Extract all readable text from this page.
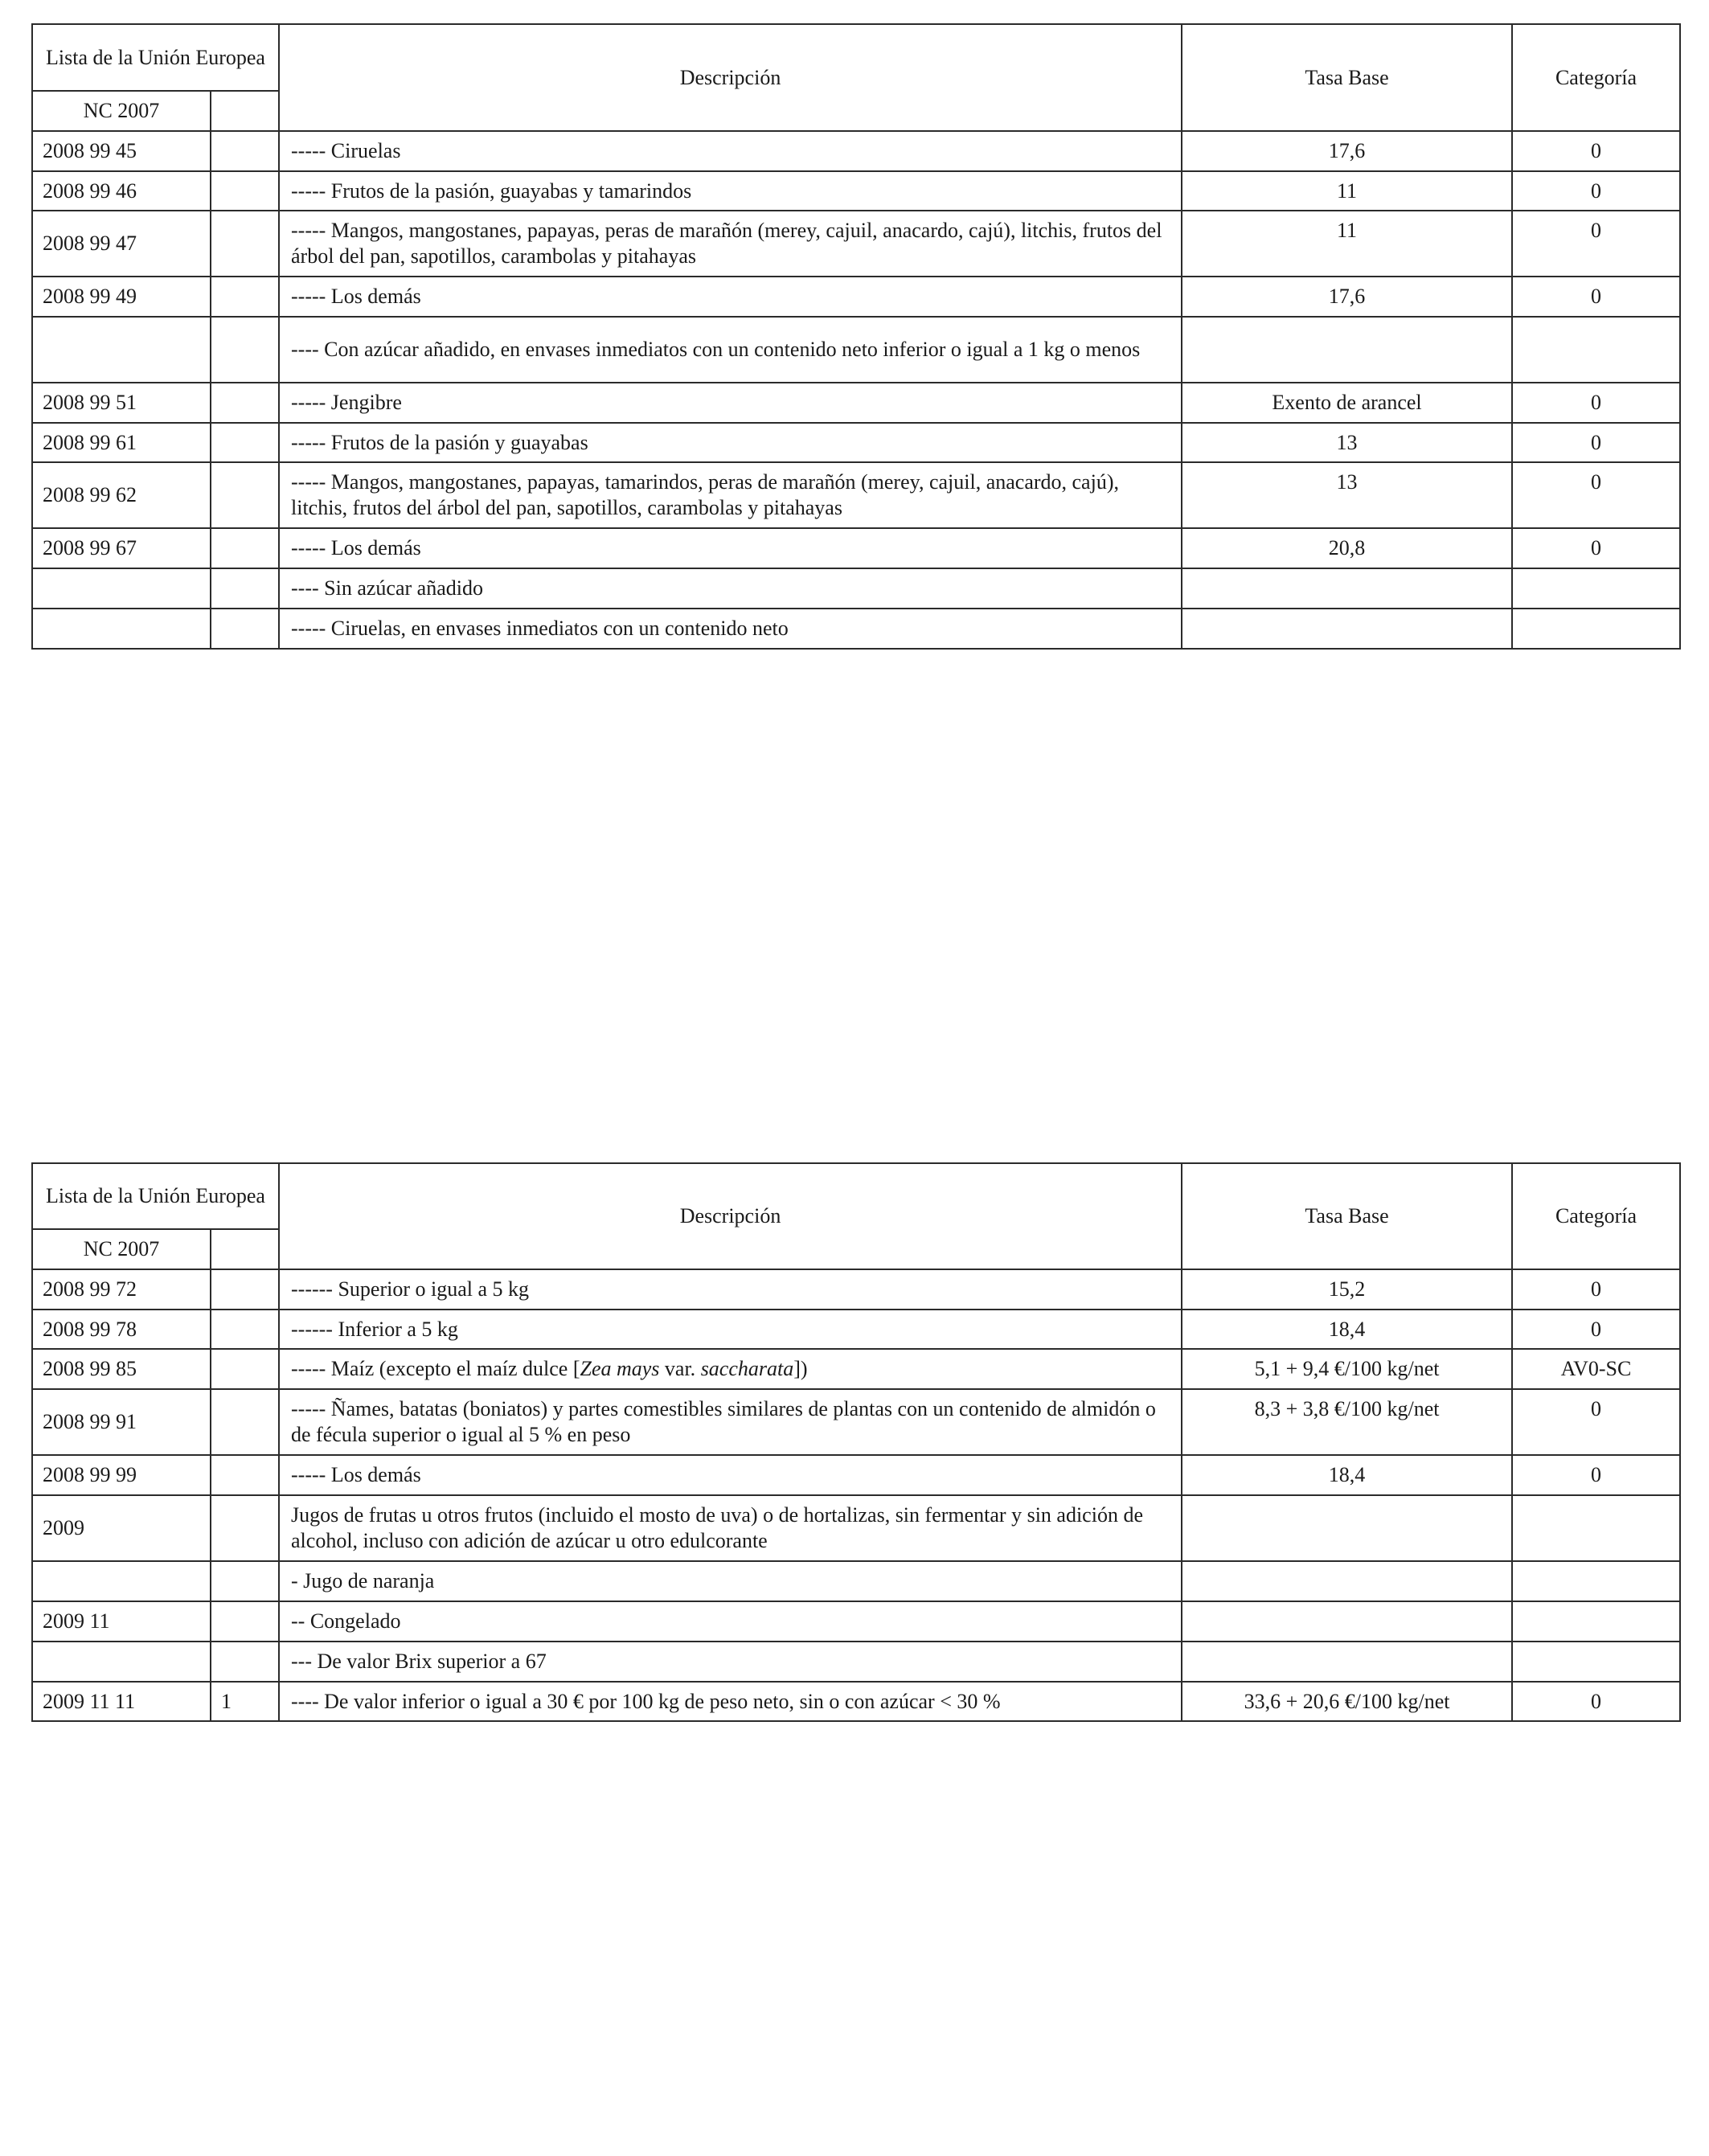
Lista de la Unión Europea		Descripción	Tasa Base	Categoría
NC 2007				
2008 99 45		----- Ciruelas	17,6	0
2008 99 46		----- Frutos de la pasión, guayabas y tamarindos	11	0
2008 99 47		----- Mangos, mangostanes, papayas, peras de marañón (merey, cajuil, anacardo, cajú), litchis, frutos del árbol del pan, sapotillos, carambolas y pitahayas	11	0
2008 99 49		----- Los demás	17,6	0
		---- Con azúcar añadido, en envases inmediatos con un contenido neto inferior o igual a 1 kg o menos		
2008 99 51		----- Jengibre	Exento de arancel	0
2008 99 61		----- Frutos de la pasión y guayabas	13	0
2008 99 62		----- Mangos, mangostanes, papayas, tamarindos, peras de marañón (merey, cajuil, anacardo, cajú), litchis, frutos del árbol del pan, sapotillos, carambolas y pitahayas	13	0
2008 99 67		----- Los demás	20,8	0
		---- Sin azúcar añadido		
		----- Ciruelas, en envases inmediatos con un contenido neto		
Lista de la Unión Europea		Descripción	Tasa Base	Categoría
NC 2007				
2008 99 72		------ Superior o igual a 5 kg	15,2	0
2008 99 78		------ Inferior a 5 kg	18,4	0
2008 99 85		----- Maíz (excepto el maíz dulce [Zea mays var. saccharata])	5,1 + 9,4 €/100 kg/net	AV0-SC
2008 99 91		----- Ñames, batatas (boniatos) y partes comestibles similares de plantas con un contenido de almidón o de fécula superior o igual al 5 % en peso	8,3 + 3,8 €/100 kg/net	0
2008 99 99		----- Los demás	18,4	0
2009		Jugos de frutas u otros frutos (incluido el mosto de uva) o de hortalizas, sin fermentar y sin adición de alcohol, incluso con adición de azúcar u otro edulcorante		
		- Jugo de naranja		
2009 11		-- Congelado		
		--- De valor Brix superior a 67		
2009 11 11	1	---- De valor inferior o igual a 30 € por 100 kg de peso neto, sin o con azúcar < 30 %	33,6 + 20,6 €/100 kg/net	0
